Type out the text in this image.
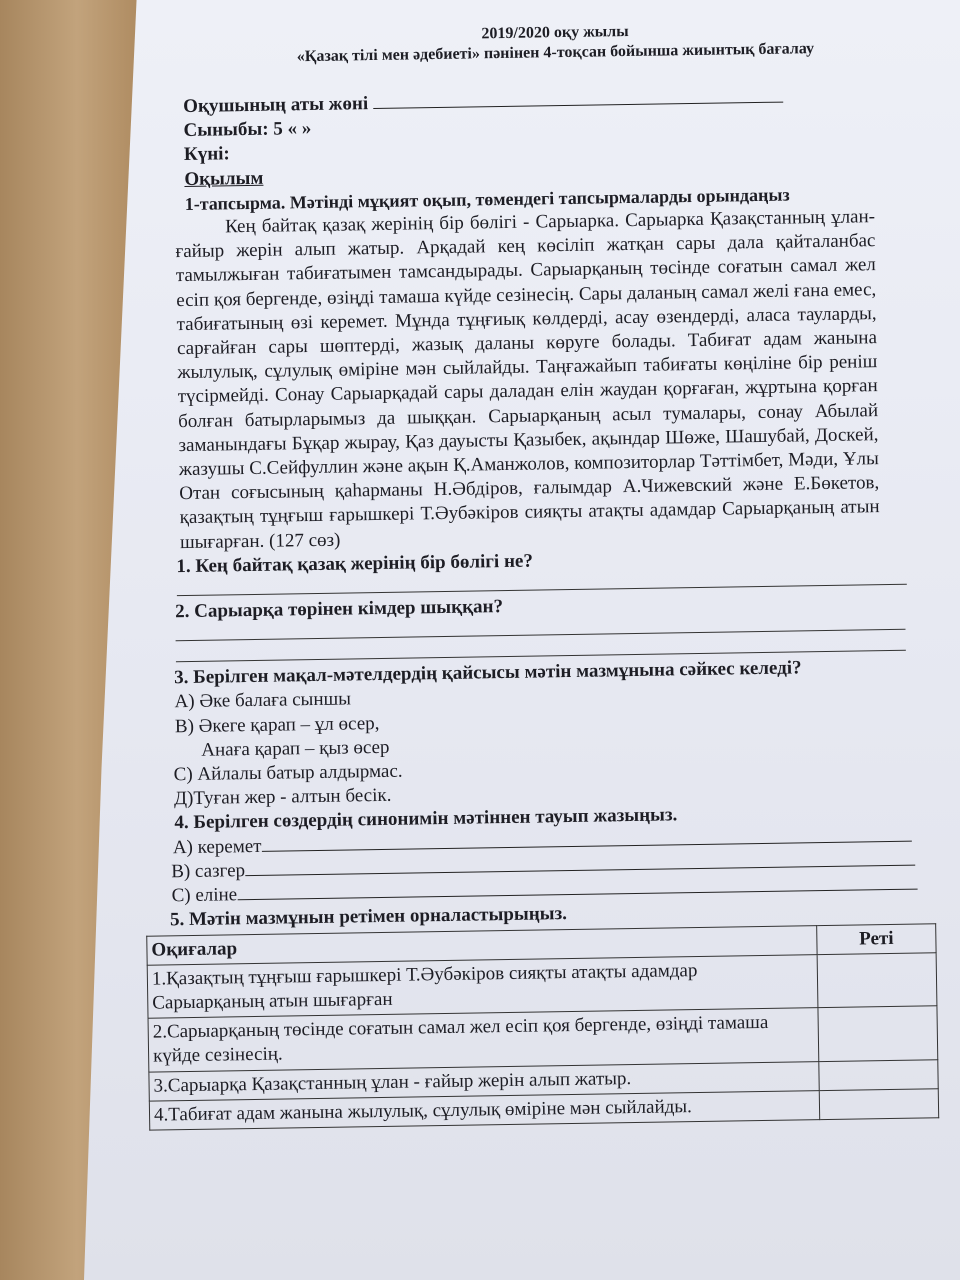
2019/2020 оқу жылы
«Қазақ тілі мен әдебиеті» пәнінен 4-тоқсан бойынша жиынтық бағалау
Оқушының аты жөні
Сыныбы: 5 « »
Күні:
Оқылым
1-тапсырма. Мәтінді мұқият оқып, төмендегі тапсырмаларды орындаңыз
Кең байтақ қазақ жерінің бір бөлігі - Сарыарка. Сарыарка Қазақстанның ұлан-ғайыр жерін алып жатыр. Арқадай кең көсіліп жатқан сары дала қайталанбас тамылжыған табиғатымен тамсандырады. Сарыарқаның төсінде соғатын самал жел есіп қоя бергенде, өзіңді тамаша күйде сезінесің. Сары даланың самал желі ғана емес, табиғатының өзі керемет. Мұнда тұңғиық көлдерді, асау өзендерді, аласа тауларды, сарғайған сары шөптерді, жазық даланы көруге болады. Табиғат адам жанына жылулық, сұлулық өміріне мән сыйлайды. Таңғажайып табиғаты көңіліне бір реніш түсірмейді. Сонау Сарыарқадай сары даладан елін жаудан қорғаған, жұртына қорған болған батырларымыз да шыққан. Сарыарқаның асыл тумалары, сонау Абылай заманындағы Бұқар жырау, Қаз дауысты Қазыбек, ақындар Шөже, Шашубай, Доскей, жазушы С.Сейфуллин және ақын Қ.Аманжолов, композиторлар Тәттімбет, Мәди, Ұлы Отан соғысының қаһарманы Н.Әбдіров, ғалымдар А.Чижевский және Е.Бөкетов, қазақтың тұңғыш ғарышкері Т.Әубәкіров сияқты атақты адамдар Сарыарқаның атын шығарған. (127 сөз)
1. Кең байтақ қазақ жерінің бір бөлігі не?
2. Сарыарқа төрінен кімдер шыққан?
3. Берілген мақал-мәтелдердің қайсысы мәтін мазмұнына сәйкес келеді?
А) Әке балаға сыншы
В) Әкеге қарап – ұл өсер,
Анаға қарап – қыз өсер
С) Айлалы батыр алдырмас.
Д)Туған жер - алтын бесік.
4. Берілген сөздердің синонимін мәтіннен тауып жазыңыз.
А) керемет
В) сазгер
С) еліне
5. Мәтін мазмұнын ретімен орналастырыңыз.
Оқиғалар	Реті
1.Қазақтың тұңғыш ғарышкері Т.Әубәкіров сияқты атақты адамдар Сарыарқаның атын шығарған	
2.Сарыарқаның төсінде соғатын самал жел есіп қоя бергенде, өзіңді тамаша күйде сезінесің.	
3.Сарыарқа Қазақстанның ұлан - ғайыр жерін алып жатыр.	
4.Табиғат адам жанына жылулық, сұлулық өміріне мән сыйлайды.	
